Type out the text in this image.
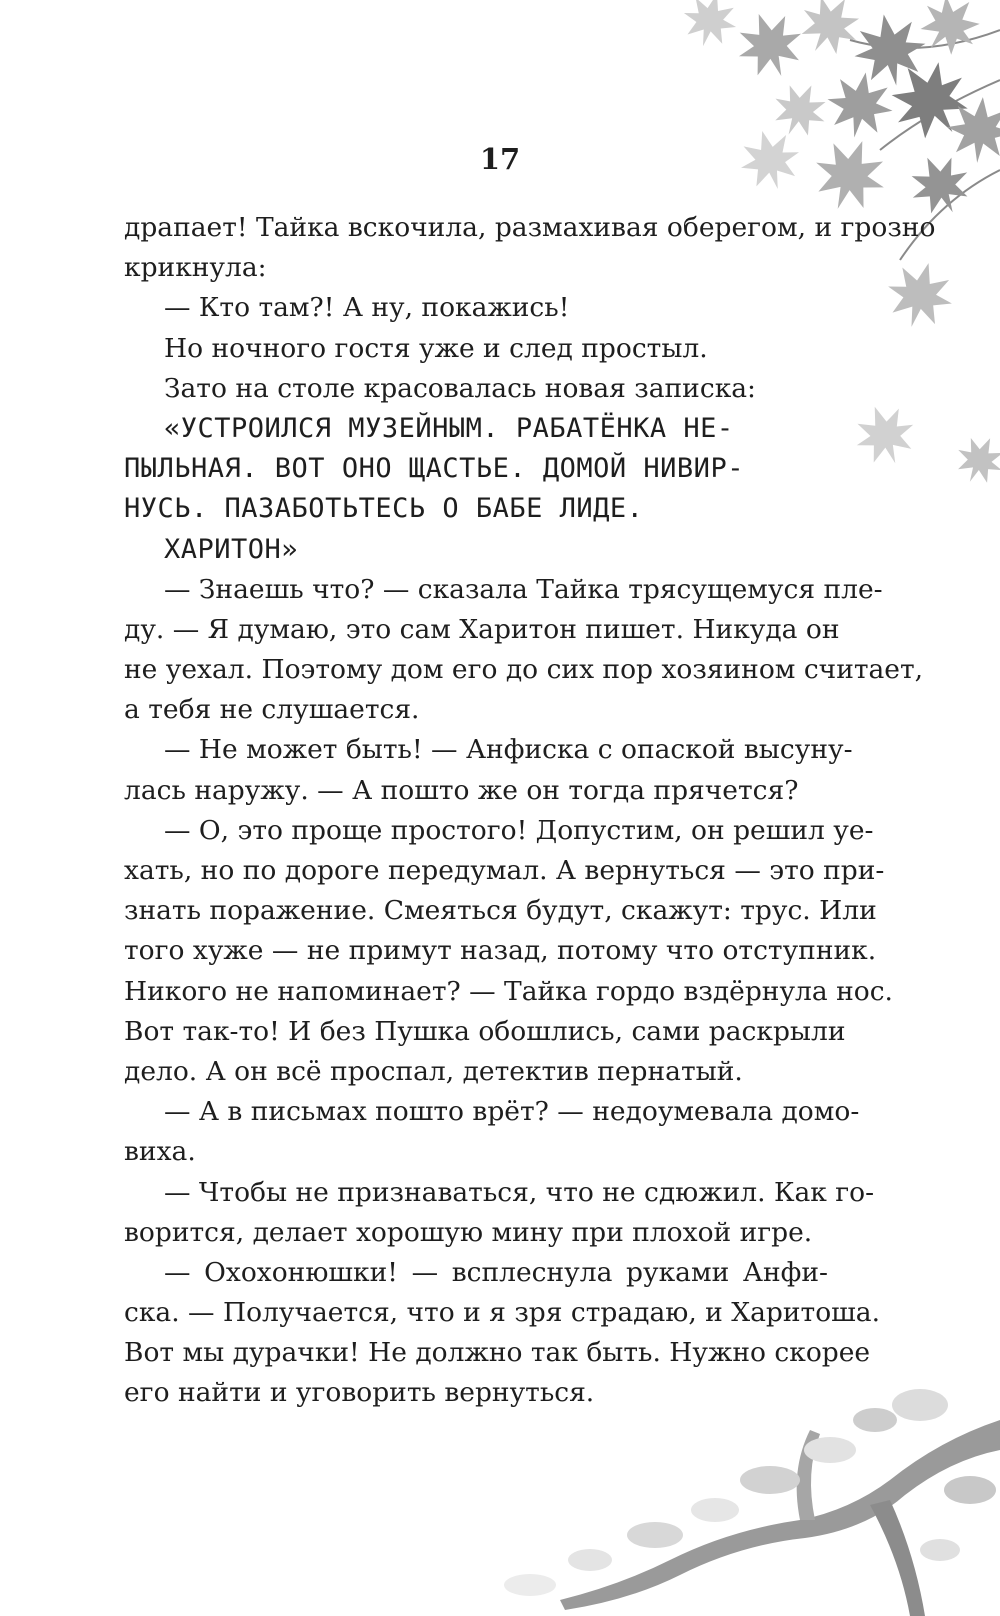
17
драпает! Тайка вскочила, размахивая оберегом, и грозно
крикнула:
— Кто там?! А ну, покажись!
Но ночного гостя уже и след простыл.
Зато на столе красовалась новая записка:
«УСТРОИЛСЯ МУЗЕЙНЫМ. РАБАТЁНКА НЕ-
ПЫЛЬНАЯ. ВОТ ОНО ЩАСТЬЕ. ДОМОЙ НИВИР-
НУСЬ. ПАЗАБОТЬТЕСЬ О БАБЕ ЛИДЕ.
ХАРИТОН»
— Знаешь что? — сказала Тайка трясущемуся пле-
ду. — Я думаю, это сам Харитон пишет. Никуда он
не уехал. Поэтому дом его до сих пор хозяином считает,
а тебя не слушается.
— Не может быть! — Анфиска с опаской высуну-
лась наружу. — А пошто же он тогда прячется?
— О, это проще простого! Допустим, он решил уе-
хать, но по дороге передумал. А вернуться — это при-
знать поражение. Смеяться будут, скажут: трус. Или
того хуже — не примут назад, потому что отступник.
Никого не напоминает? — Тайка гордо вздёрнула нос.
Вот так-то! И без Пушка обошлись, сами раскрыли
дело. А он всё проспал, детектив пернатый.
— А в письмах пошто врёт? — недоумевала домо-
виха.
— Чтобы не признаваться, что не сдюжил. Как го-
ворится, делает хорошую мину при плохой игре.
— Охохонюшки! — всплеснула руками Анфи-
ска. — Получается, что и я зря страдаю, и Харитоша.
Вот мы дурачки! Не должно так быть. Нужно скорее
его найти и уговорить вернуться.
